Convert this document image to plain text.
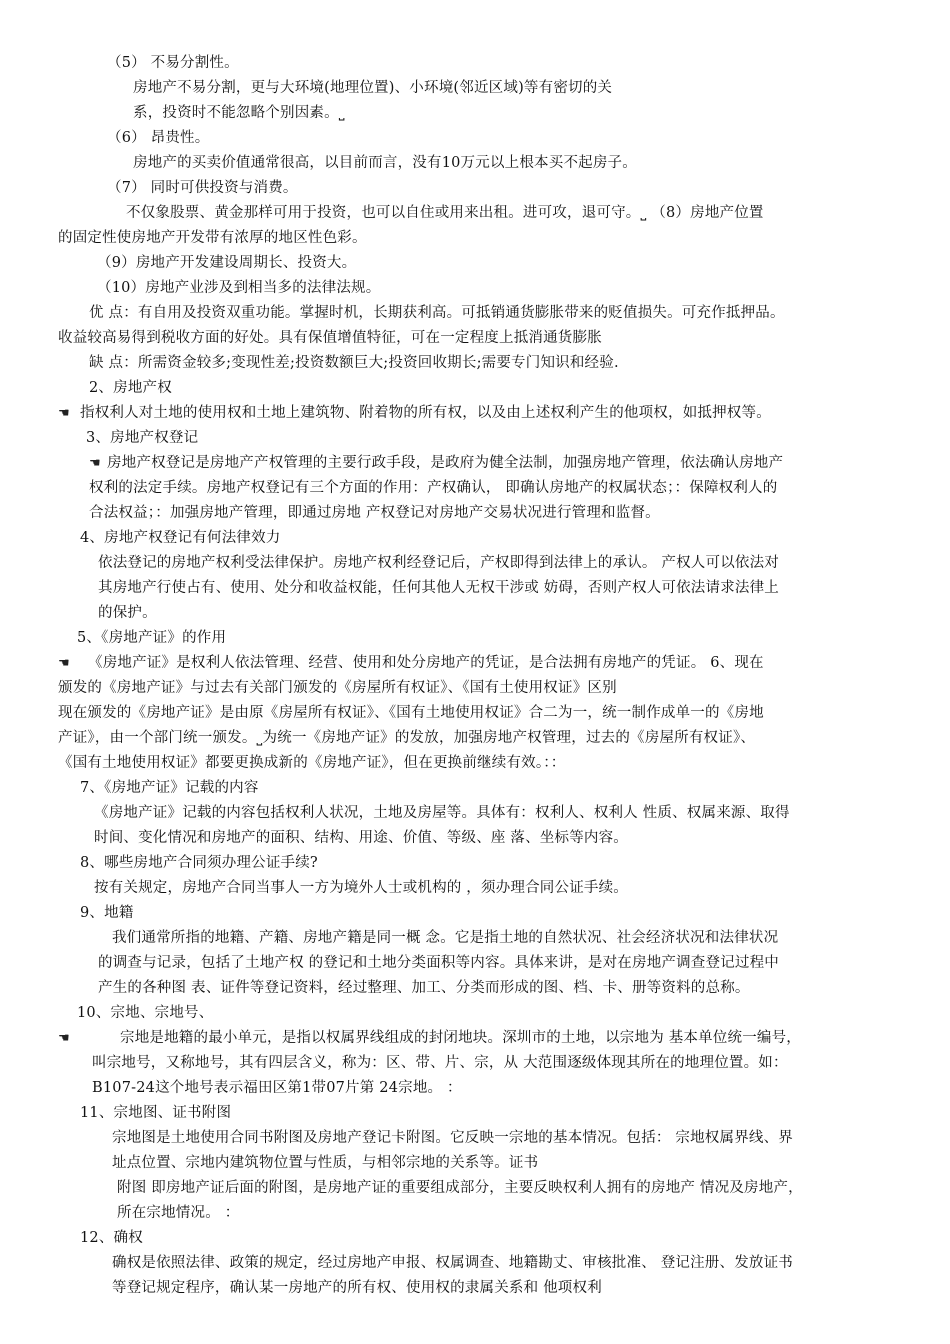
（5） 不易分割性。
房地产不易分割，更与大环境(地理位置)、小环境(邻近区域)等有密切的关
系，投资时不能忽略个别因素。⎵
（6） 昂贵性。
房地产的买卖价值通常很高，以目前而言，没有10万元以上根本买不起房子。
（7） 同时可供投资与消费。
不仅象股票、黄金那样可用于投资，也可以自住或用来出租。进可攻，退可守。⎵ （8）房地产位置
的固定性使房地产开发带有浓厚的地区性色彩。
（9）房地产开发建设周期长、投资大。
（10）房地产业涉及到相当多的法律法规。
优 点：有自用及投资双重功能。掌握时机，长期获利高。可抵销通货膨胀带来的贬值损失。可充作抵押品。
收益较高易得到税收方面的好处。具有保值增值特征，可在一定程度上抵消通货膨胀
缺 点：所需资金较多;变现性差;投资数额巨大;投资回收期长;需要专门知识和经验.
2、房地产权
☚ 指权利人对土地的使用权和土地上建筑物、附着物的所有权，以及由上述权利产生的他项权，如抵押权等。
3、房地产权登记
☚ 房地产权登记是房地产产权管理的主要行政手段，是政府为健全法制，加强房地产管理，依法确认房地产
权利的法定手续。房地产权登记有三个方面的作用：产权确认， 即确认房地产的权属状态；：保障权利人的
合法权益；：加强房地产管理，即通过房地 产权登记对房地产交易状况进行管理和监督。
4、房地产权登记有何法律效力
依法登记的房地产权利受法律保护。房地产权利经登记后，产权即得到法律上的承认。 产权人可以依法对
其房地产行使占有、使用、处分和收益权能，任何其他人无权干涉或 妨碍，否则产权人可依法请求法律上
的保护。
5、《房地产证》的作用
☚ 《房地产证》是权利人依法管理、经营、使用和处分房地产的凭证，是合法拥有房地产的凭证。 6、现在
颁发的《房地产证》与过去有关部门颁发的《房屋所有权证》、《国有土使用权证》区别
现在颁发的《房地产证》是由原《房屋所有权证》、《国有土地使用权证》合二为一，统一制作成单一的《房地
产证》，由一个部门统一颁发。⎵为统一《房地产证》的发放，加强房地产权管理，过去的《房屋所有权证》、
《国有土地使用权证》都要更换成新的《房地产证》，但在更换前继续有效。：：
7、《房地产证》记载的内容
《房地产证》记载的内容包括权利人状况，土地及房屋等。具体有：权利人、权利人 性质、权属来源、取得
时间、变化情况和房地产的面积、结构、用途、价值、等级、座 落、坐标等内容。
8、哪些房地产合同须办理公证手续?
按有关规定，房地产合同当事人一方为境外人士或机构的 ，须办理合同公证手续。
9、地籍
我们通常所指的地籍、产籍、房地产籍是同一概 念。它是指土地的自然状况、社会经济状况和法律状况
的调查与记录，包括了土地产权 的登记和土地分类面积等内容。具体来讲，是对在房地产调查登记过程中
产生的各种图 表、证件等登记资料，经过整理、加工、分类而形成的图、档、卡、册等资料的总称。
10、宗地、宗地号、
☚	宗地是地籍的最小单元，是指以权属界线组成的封闭地块。深圳市的土地，以宗地为 基本单位统一编号，
叫宗地号，又称地号，其有四层含义，称为：区、带、片、宗，从 大范围逐级体现其所在的地理位置。如：
B107-24这个地号表示福田区第1带07片第 24宗地。 ：
11、宗地图、证书附图
宗地图是土地使用合同书附图及房地产登记卡附图。它反映一宗地的基本情况。包括： 宗地权属界线、界
址点位置、宗地内建筑物位置与性质，与相邻宗地的关系等。证书
附图 即房地产证后面的附图，是房地产证的重要组成部分，主要反映权利人拥有的房地产 情况及房地产，
所在宗地情况。 ：
12、确权
确权是依照法律、政策的规定，经过房地产申报、权属调查、地籍勘丈、审核批准、 登记注册、发放证书
等登记规定程序，确认某一房地产的所有权、使用权的隶属关系和 他项权利
